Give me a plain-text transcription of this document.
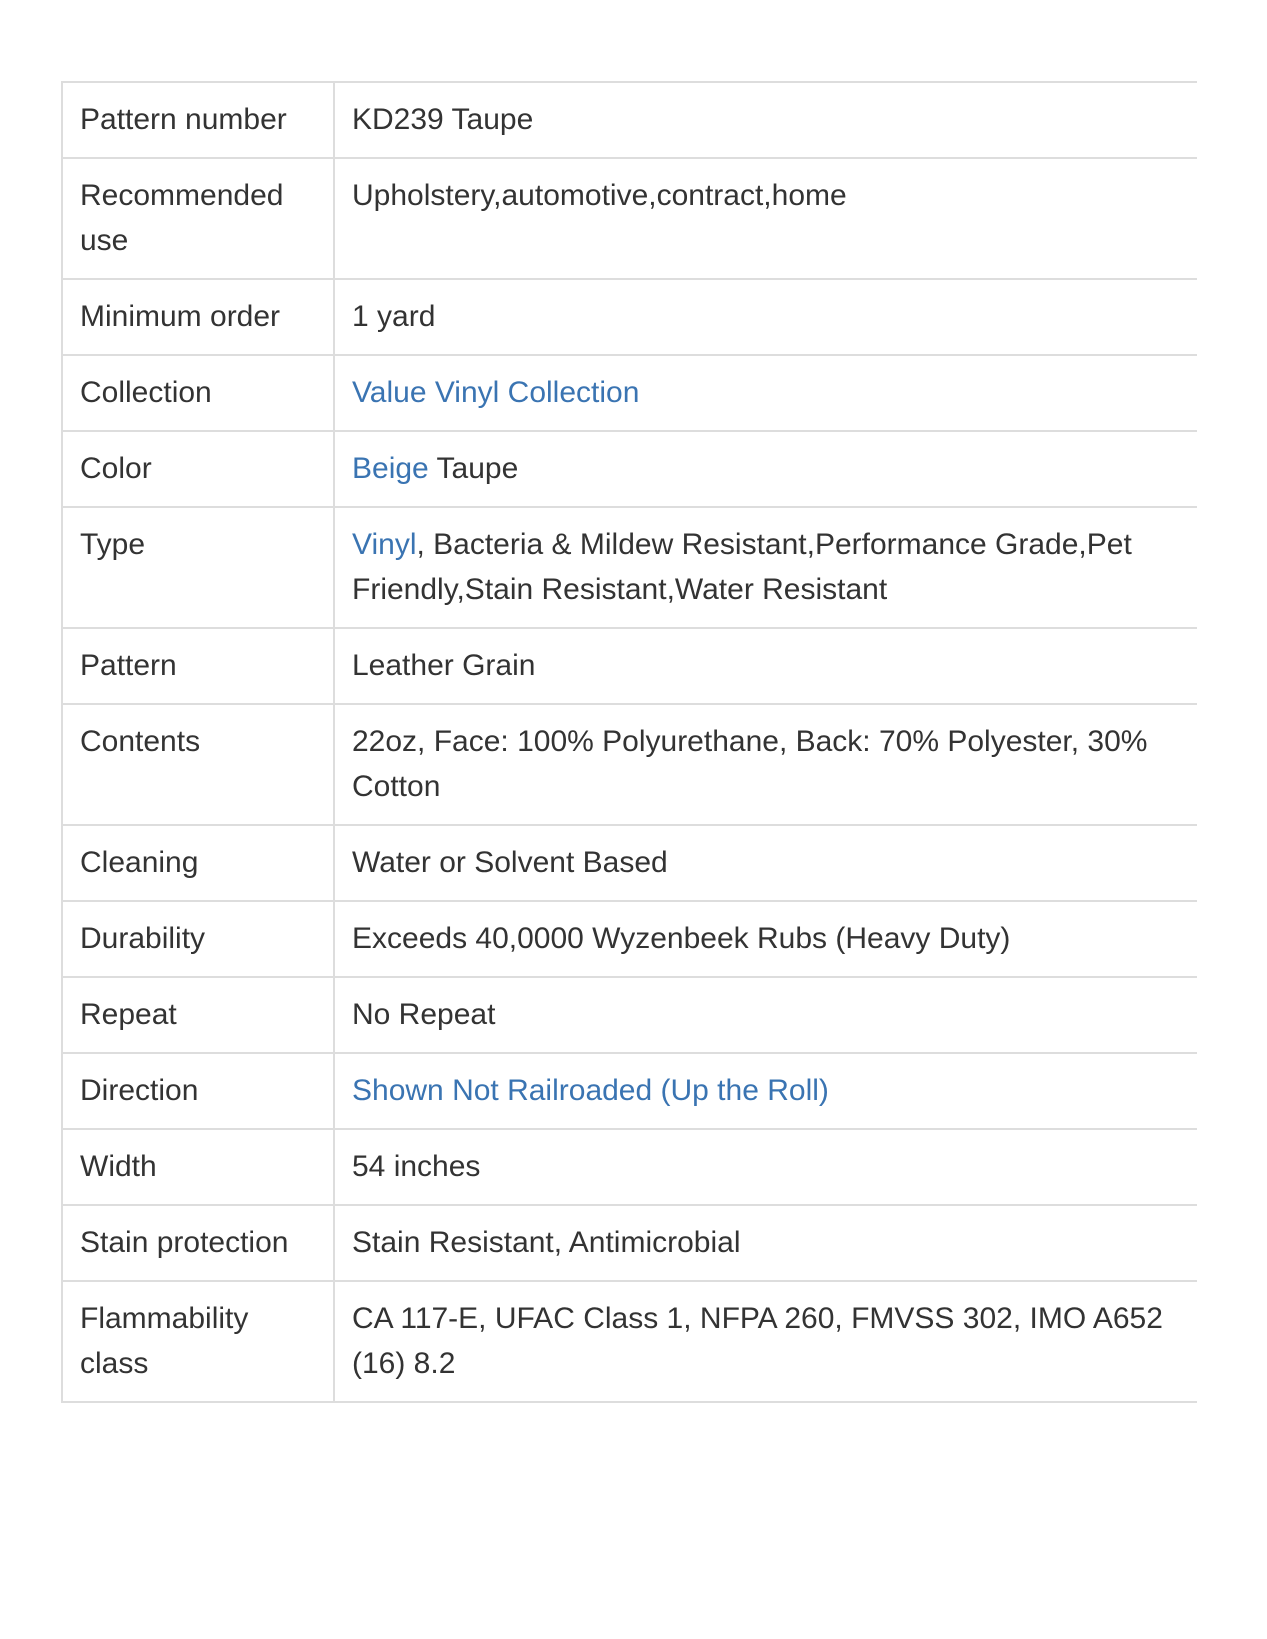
Pattern number	KD239 Taupe
Recommended use	Upholstery,automotive,contract,home
Minimum order	1 yard
Collection	Value Vinyl Collection
Color	Beige Taupe
Type	Vinyl, Bacteria & Mildew Resistant,Performance Grade,Pet Friendly,Stain Resistant,Water Resistant
Pattern	Leather Grain
Contents	22oz, Face: 100% Polyurethane, Back: 70% Polyester, 30% Cotton
Cleaning	Water or Solvent Based
Durability	Exceeds 40,0000 Wyzenbeek Rubs (Heavy Duty)
Repeat	No Repeat
Direction	Shown Not Railroaded (Up the Roll)
Width	54 inches
Stain protection	Stain Resistant, Antimicrobial
Flammability class	CA 117-E, UFAC Class 1, NFPA 260, FMVSS 302, IMO A652 (16) 8.2
